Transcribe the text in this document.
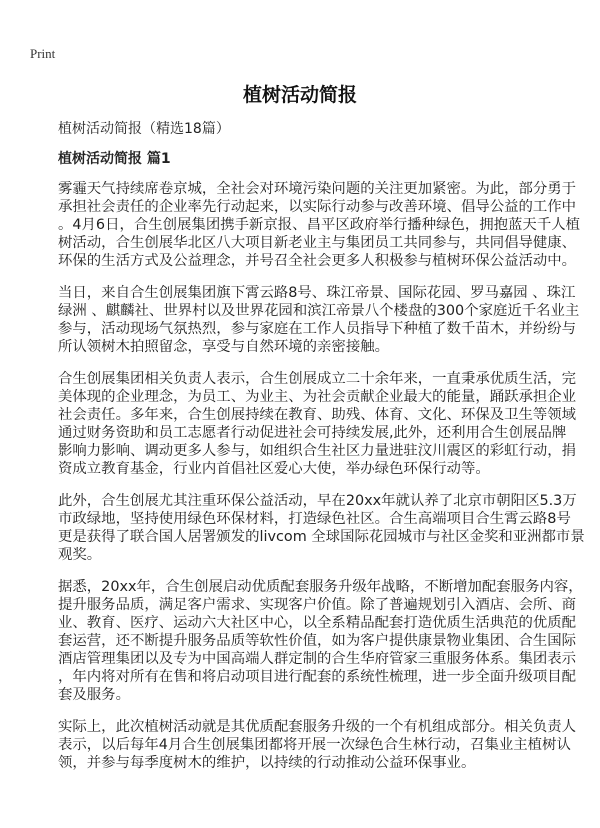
Print
植树活动简报
植树活动简报（精选18篇）
植树活动简报 篇1
雾霾天气持续席卷京城，全社会对环境污染问题的关注更加紧密。为此，部分勇于
承担社会责任的企业率先行动起来，以实际行动参与改善环境、倡导公益的工作中
。4月6日，合生创展集团携手新京报、昌平区政府举行播种绿色，拥抱蓝天千人植
树活动，合生创展华北区八大项目新老业主与集团员工共同参与，共同倡导健康、
环保的生活方式及公益理念，并号召全社会更多人积极参与植树环保公益活动中。
当日，来自合生创展集团旗下霄云路8号、珠江帝景、国际花园、罗马嘉园 、珠江
绿洲 、麒麟社、世界村以及世界花园和滨江帝景八个楼盘的300个家庭近千名业主
参与，活动现场气氛热烈，参与家庭在工作人员指导下种植了数千苗木，并纷纷与
所认领树木拍照留念，享受与自然环境的亲密接触。
合生创展集团相关负责人表示，合生创展成立二十余年来，一直秉承优质生活，完
美体现的企业理念，为员工、为业主、为社会贡献企业最大的能量，踊跃承担企业
社会责任。多年来，合生创展持续在教育、助残、体育、文化、环保及卫生等领域
通过财务资助和员工志愿者行动促进社会可持续发展,此外，还利用合生创展品牌
影响力影响、调动更多人参与，如组织合生社区力量进驻汶川震区的彩虹行动，捐
资成立教育基金，行业内首倡社区爱心大使，举办绿色环保行动等。
此外，合生创展尤其注重环保公益活动，早在20xx年就认养了北京市朝阳区5.3万
市政绿地，坚持使用绿色环保材料，打造绿色社区。合生高端项目合生霄云路8号
更是获得了联合国人居署颁发的livcom 全球国际花园城市与社区金奖和亚洲都市景
观奖。
据悉，20xx年，合生创展启动优质配套服务升级年战略，不断增加配套服务内容，
提升服务品质，满足客户需求、实现客户价值。除了普遍规划引入酒店、会所、商
业、教育、医疗、运动六大社区中心，以全系精品配套打造优质生活典范的优质配
套运营，还不断提升服务品质等软性价值，如为客户提供康景物业集团、合生国际
酒店管理集团以及专为中国高端人群定制的合生华府管家三重服务体系。集团表示
，年内将对所有在售和将启动项目进行配套的系统性梳理，进一步全面升级项目配
套及服务。
实际上，此次植树活动就是其优质配套服务升级的一个有机组成部分。相关负责人
表示，以后每年4月合生创展集团都将开展一次绿色合生林行动，召集业主植树认
领，并参与每季度树木的维护，以持续的行动推动公益环保事业。
